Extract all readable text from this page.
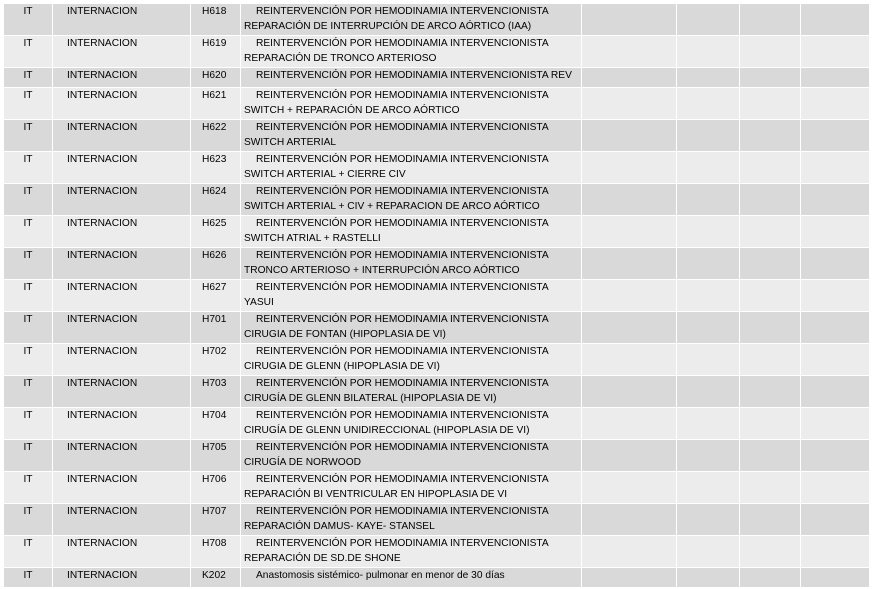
IT	INTERNACION	H618	REINTERVENCIÓN POR HEMODINAMIA INTERVENCIONISTA
REPARACIÓN DE INTERRUPCIÓN DE ARCO AÓRTICO (IAA)				

IT	INTERNACION	H619	REINTERVENCIÓN POR HEMODINAMIA INTERVENCIONISTA
REPARACIÓN DE TRONCO ARTERIOSO				

IT	INTERNACION	H620	REINTERVENCIÓN POR HEMODINAMIA INTERVENCIONISTA REV				

IT	INTERNACION	H621	REINTERVENCIÓN POR HEMODINAMIA INTERVENCIONISTA
SWITCH + REPARACIÓN DE ARCO AÓRTICO				

IT	INTERNACION	H622	REINTERVENCIÓN POR HEMODINAMIA INTERVENCIONISTA
SWITCH ARTERIAL				

IT	INTERNACION	H623	REINTERVENCIÓN POR HEMODINAMIA INTERVENCIONISTA
SWITCH ARTERIAL + CIERRE CIV				

IT	INTERNACION	H624	REINTERVENCIÓN POR HEMODINAMIA INTERVENCIONISTA
SWITCH ARTERIAL + CIV + REPARACION DE ARCO AÓRTICO				

IT	INTERNACION	H625	REINTERVENCIÓN POR HEMODINAMIA INTERVENCIONISTA
SWITCH ATRIAL + RASTELLI				

IT	INTERNACION	H626	REINTERVENCIÓN POR HEMODINAMIA INTERVENCIONISTA
TRONCO ARTERIOSO + INTERRUPCIÓN ARCO AÓRTICO				

IT	INTERNACION	H627	REINTERVENCIÓN POR HEMODINAMIA INTERVENCIONISTA
YASUI				

IT	INTERNACION	H701	REINTERVENCIÓN POR HEMODINAMIA INTERVENCIONISTA
CIRUGIA DE FONTAN (HIPOPLASIA DE VI)				

IT	INTERNACION	H702	REINTERVENCIÓN POR HEMODINAMIA INTERVENCIONISTA
CIRUGIA DE GLENN (HIPOPLASIA DE VI)				

IT	INTERNACION	H703	REINTERVENCIÓN POR HEMODINAMIA INTERVENCIONISTA
CIRUGÍA DE GLENN BILATERAL (HIPOPLASIA DE VI)				

IT	INTERNACION	H704	REINTERVENCIÓN POR HEMODINAMIA INTERVENCIONISTA
CIRUGÍA DE GLENN UNIDIRECCIONAL (HIPOPLASIA DE VI)				

IT	INTERNACION	H705	REINTERVENCIÓN POR HEMODINAMIA INTERVENCIONISTA
CIRUGÍA DE NORWOOD				

IT	INTERNACION	H706	REINTERVENCIÓN POR HEMODINAMIA INTERVENCIONISTA
REPARACIÓN BI VENTRICULAR EN HIPOPLASIA DE VI				

IT	INTERNACION	H707	REINTERVENCIÓN POR HEMODINAMIA INTERVENCIONISTA
REPARACIÓN DAMUS- KAYE- STANSEL				

IT	INTERNACION	H708	REINTERVENCIÓN POR HEMODINAMIA INTERVENCIONISTA
REPARACIÓN DE SD.DE SHONE				

IT	INTERNACION	K202	Anastomosis sistémico- pulmonar en menor de 30 días				
